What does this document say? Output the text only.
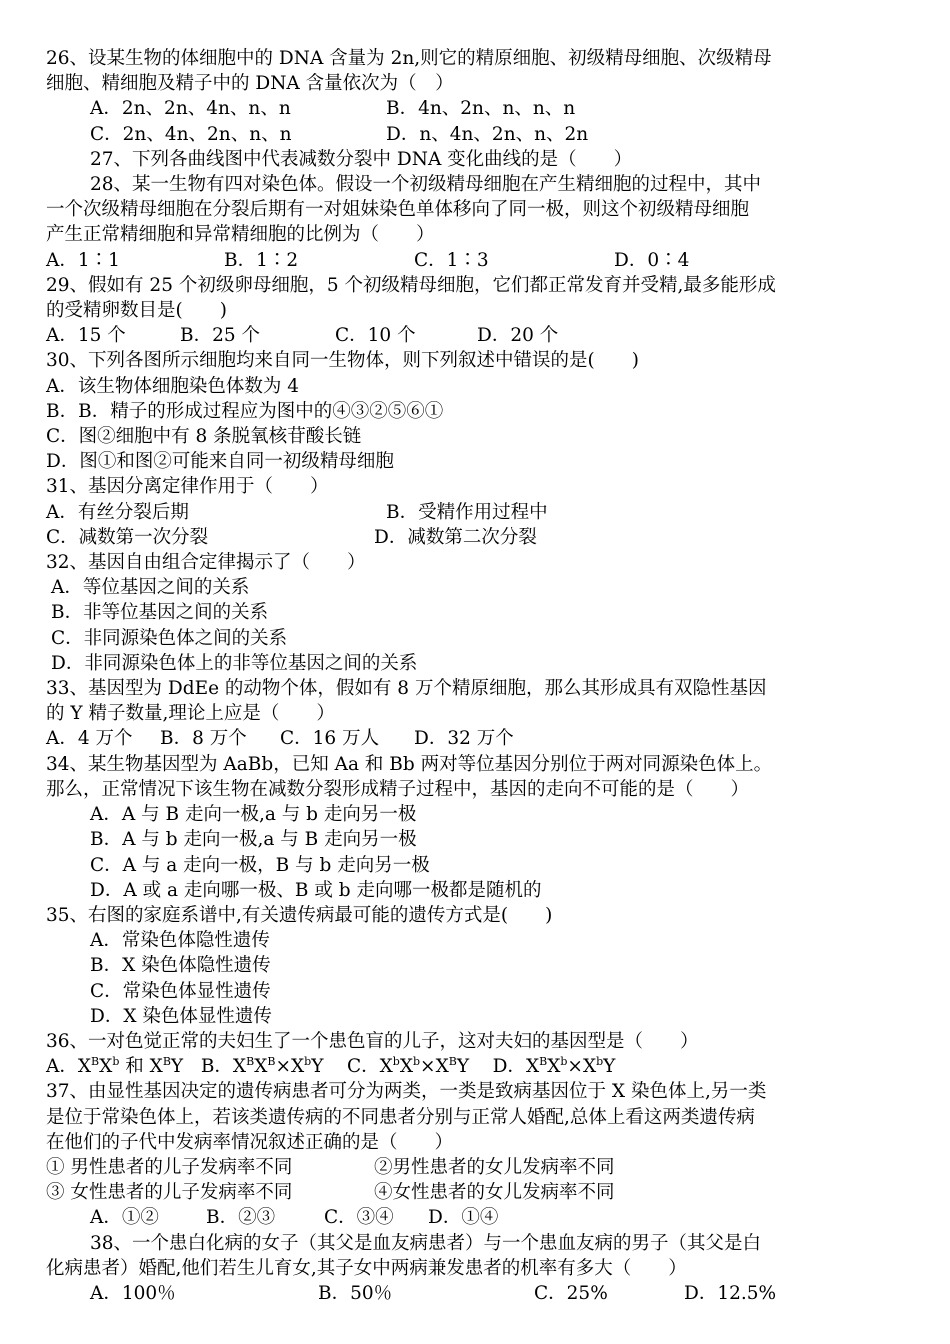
26、设某生物的体细胞中的 DNA 含量为 2n,则它的精原细胞、初级精母细胞、次级精母
细胞、精细胞及精子中的 DNA 含量依次为（　）
A．2n、2n、4n、n、n	B．4n、2n、n、n、n
C．2n、4n、2n、n、n	D．n、4n、2n、n、2n
27、下列各曲线图中代表减数分裂中 DNA 变化曲线的是（　　）
28、某一生物有四对染色体。假设一个初级精母细胞在产生精细胞的过程中，其中
一个次级精母细胞在分裂后期有一对姐妹染色单体移向了同一极，则这个初级精母细胞
产生正常精细胞和异常精细胞的比例为（　　）
A．1∶1	B．1∶2	C．1∶3	D．0∶4
29、假如有 25 个初级卵母细胞，5 个初级精母细胞，它们都正常发育并受精,最多能形成
的受精卵数目是(　　)
A．15 个	B．25 个	C．10 个	D．20 个
30、下列各图所示细胞均来自同一生物体，则下列叙述中错误的是(　　)
A．该生物体细胞染色体数为 4
B．B．精子的形成过程应为图中的④③②⑤⑥①
C．图②细胞中有 8 条脱氧核苷酸长链
D．图①和图②可能来自同一初级精母细胞
31、基因分离定律作用于（　　）
A．有丝分裂后期	B．受精作用过程中
C．减数第一次分裂	D．减数第二次分裂
32、基因自由组合定律揭示了（　　）
A．等位基因之间的关系
B．非等位基因之间的关系
C．非同源染色体之间的关系
D．非同源染色体上的非等位基因之间的关系
33、基因型为 DdEe 的动物个体，假如有 8 万个精原细胞，那么其形成具有双隐性基因
的 Y 精子数量,理论上应是（　　）
A．4 万个	B．8 万个	C．16 万人	D．32 万个
34、某生物基因型为 AaBb，已知 Aa 和 Bb 两对等位基因分别位于两对同源染色体上。
那么，正常情况下该生物在减数分裂形成精子过程中，基因的走向不可能的是（　　）
A．A 与 B 走向一极,a 与 b 走向另一极
B．A 与 b 走向一极,a 与 B 走向另一极
C．A 与 a 走向一极，B 与 b 走向另一极
D．A 或 a 走向哪一极、B 或 b 走向哪一极都是随机的
35、右图的家庭系谱中,有关遗传病最可能的遗传方式是(　　)
A．常染色体隐性遗传
B．X 染色体隐性遗传
C．常染色体显性遗传
D．X 染色体显性遗传
36、一对色觉正常的夫妇生了一个患色盲的儿子，这对夫妇的基因型是（　　）
A．$X^BX^b$ 和 $X^BY$ B．$X^BX^B\times X^bY$ C．$X^bX^b\times X^BY$ D．$X^BX^b\times X^bY$
37、由显性基因决定的遗传病患者可分为两类，一类是致病基因位于 X 染色体上,另一类
是位于常染色体上，若该类遗传病的不同患者分别与正常人婚配,总体上看这两类遗传病
在他们的子代中发病率情况叙述正确的是（　　）
① 男性患者的儿子发病率不同	②男性患者的女儿发病率不同
③ 女性患者的儿子发病率不同	④女性患者的女儿发病率不同
A．①②	B．②③	C．③④	D．①④
38、一个患白化病的女子（其父是血友病患者）与一个患血友病的男子（其父是白
化病患者）婚配,他们若生儿育女,其子女中两病兼发患者的机率有多大（　　）
A．100％	B．50％	C．25%	D．12.5%
